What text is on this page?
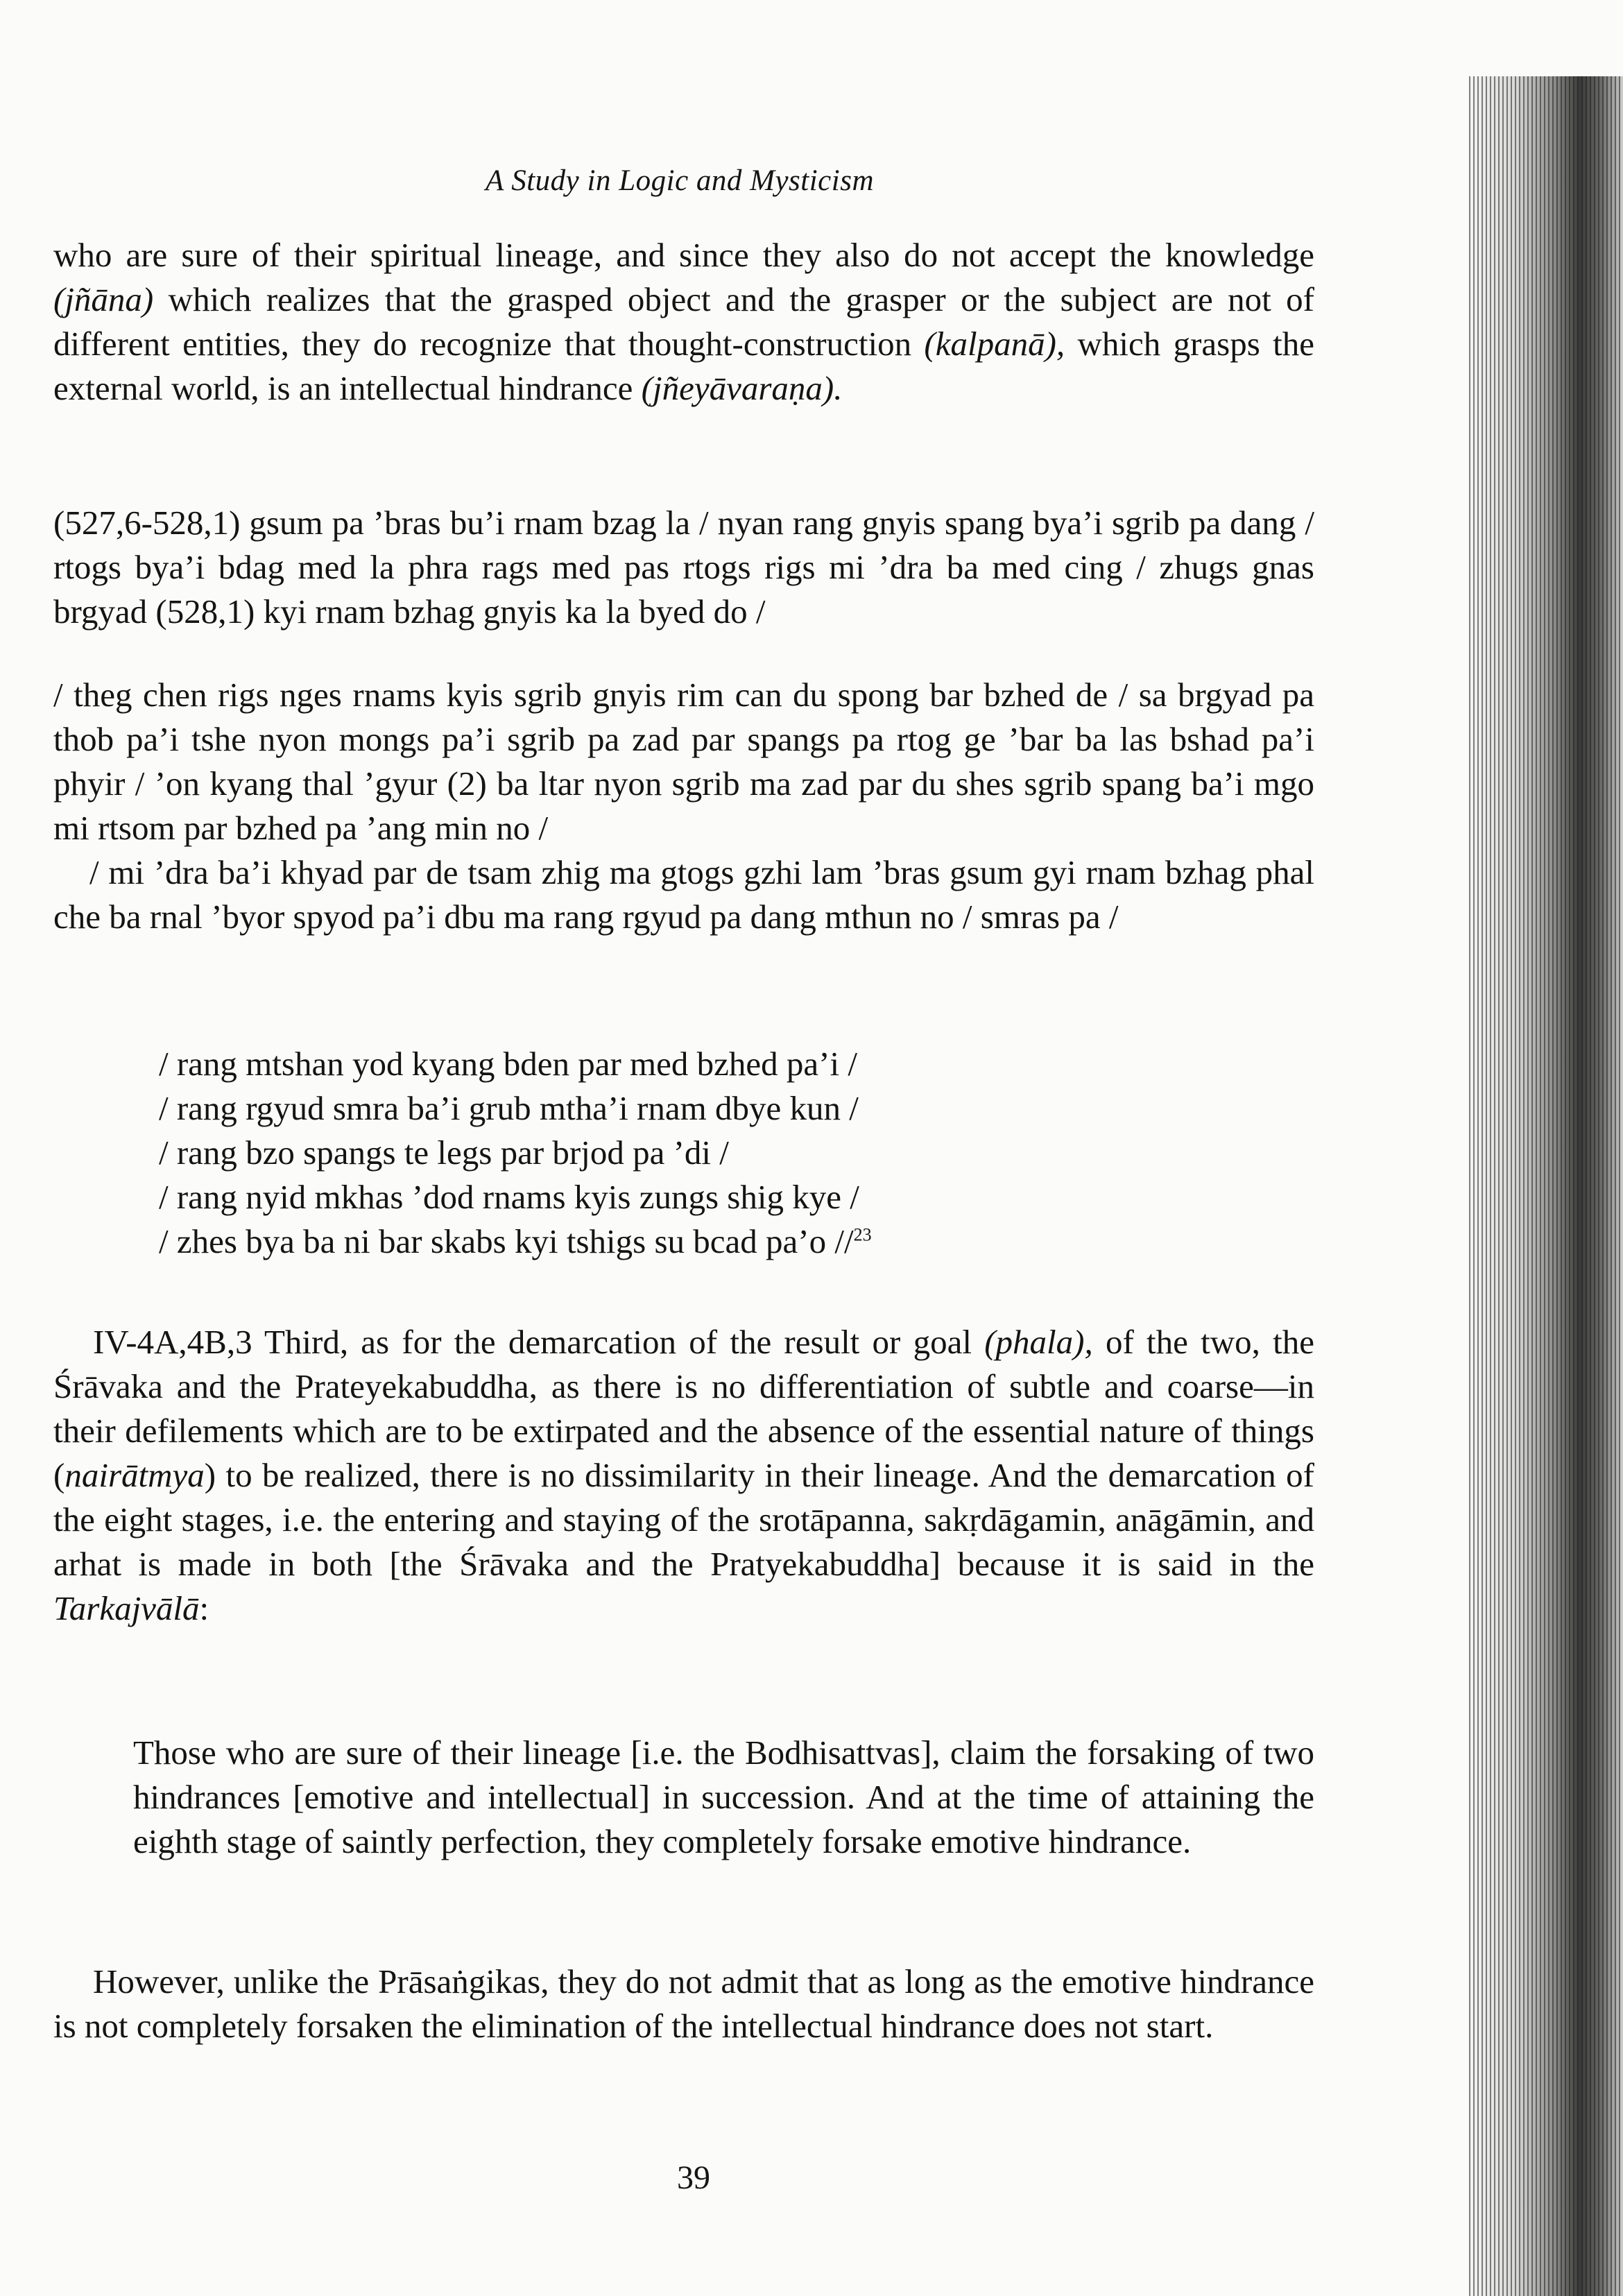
A Study in Logic and Mysticism

who are sure of their spiritual lineage, and since they also do not accept the knowledge (jñāna) which realizes that the grasped object and the grasper or the subject are not of different entities, they do recognize that thought-construction (kalpanā), which grasps the external world, is an intellectual hindrance (jñeyāvaraṇa).

(527,6-528,1) gsum pa ’bras bu’i rnam bzag la / nyan rang gnyis spang bya’i sgrib pa dang / rtogs bya’i bdag med la phra rags med pas rtogs rigs mi ’dra ba med cing / zhugs gnas brgyad (528,1) kyi rnam bzhag gnyis ka la byed do /

/ theg chen rigs nges rnams kyis sgrib gnyis rim can du spong bar bzhed de / sa brgyad pa thob pa’i tshe nyon mongs pa’i sgrib pa zad par spangs pa rtog ge ’bar ba las bshad pa’i phyir / ’on kyang thal ’gyur (2) ba ltar nyon sgrib ma zad par du shes sgrib spang ba’i mgo mi rtsom par bzhed pa ’ang min no /

/ mi ’dra ba’i khyad par de tsam zhig ma gtogs gzhi lam ’bras gsum gyi rnam bzhag phal che ba rnal ’byor spyod pa’i dbu ma rang rgyud pa dang mthun no / smras pa /

/ rang mtshan yod kyang bden par med bzhed pa’i /
/ rang rgyud smra ba’i grub mtha’i rnam dbye kun /
/ rang bzo spangs te legs par brjod pa ’di /
/ rang nyid mkhas ’dod rnams kyis zungs shig kye /
/ zhes bya ba ni bar skabs kyi tshigs su bcad pa’o //$^{23}$

IV-4A,4B,3 Third, as for the demarcation of the result or goal (phala), of the two, the Śrāvaka and the Prateyekabuddha, as there is no differentiation of subtle and coarse—in their defilements which are to be extirpated and the absence of the essential nature of things (nairātmya) to be realized, there is no dissimilarity in their lineage. And the demarcation of the eight stages, i.e. the entering and staying of the srotāpanna, sakṛdāgamin, anāgāmin, and arhat is made in both [the Śrāvaka and the Pratyekabuddha] because it is said in the Tarkajvālā:

Those who are sure of their lineage [i.e. the Bodhisattvas], claim the forsaking of two hindrances [emotive and intellectual] in succession. And at the time of attaining the eighth stage of saintly perfection, they completely forsake emotive hindrance.

However, unlike the Prāsaṅgikas, they do not admit that as long as the emotive hindrance is not completely forsaken the elimination of the intellectual hindrance does not start.

39
